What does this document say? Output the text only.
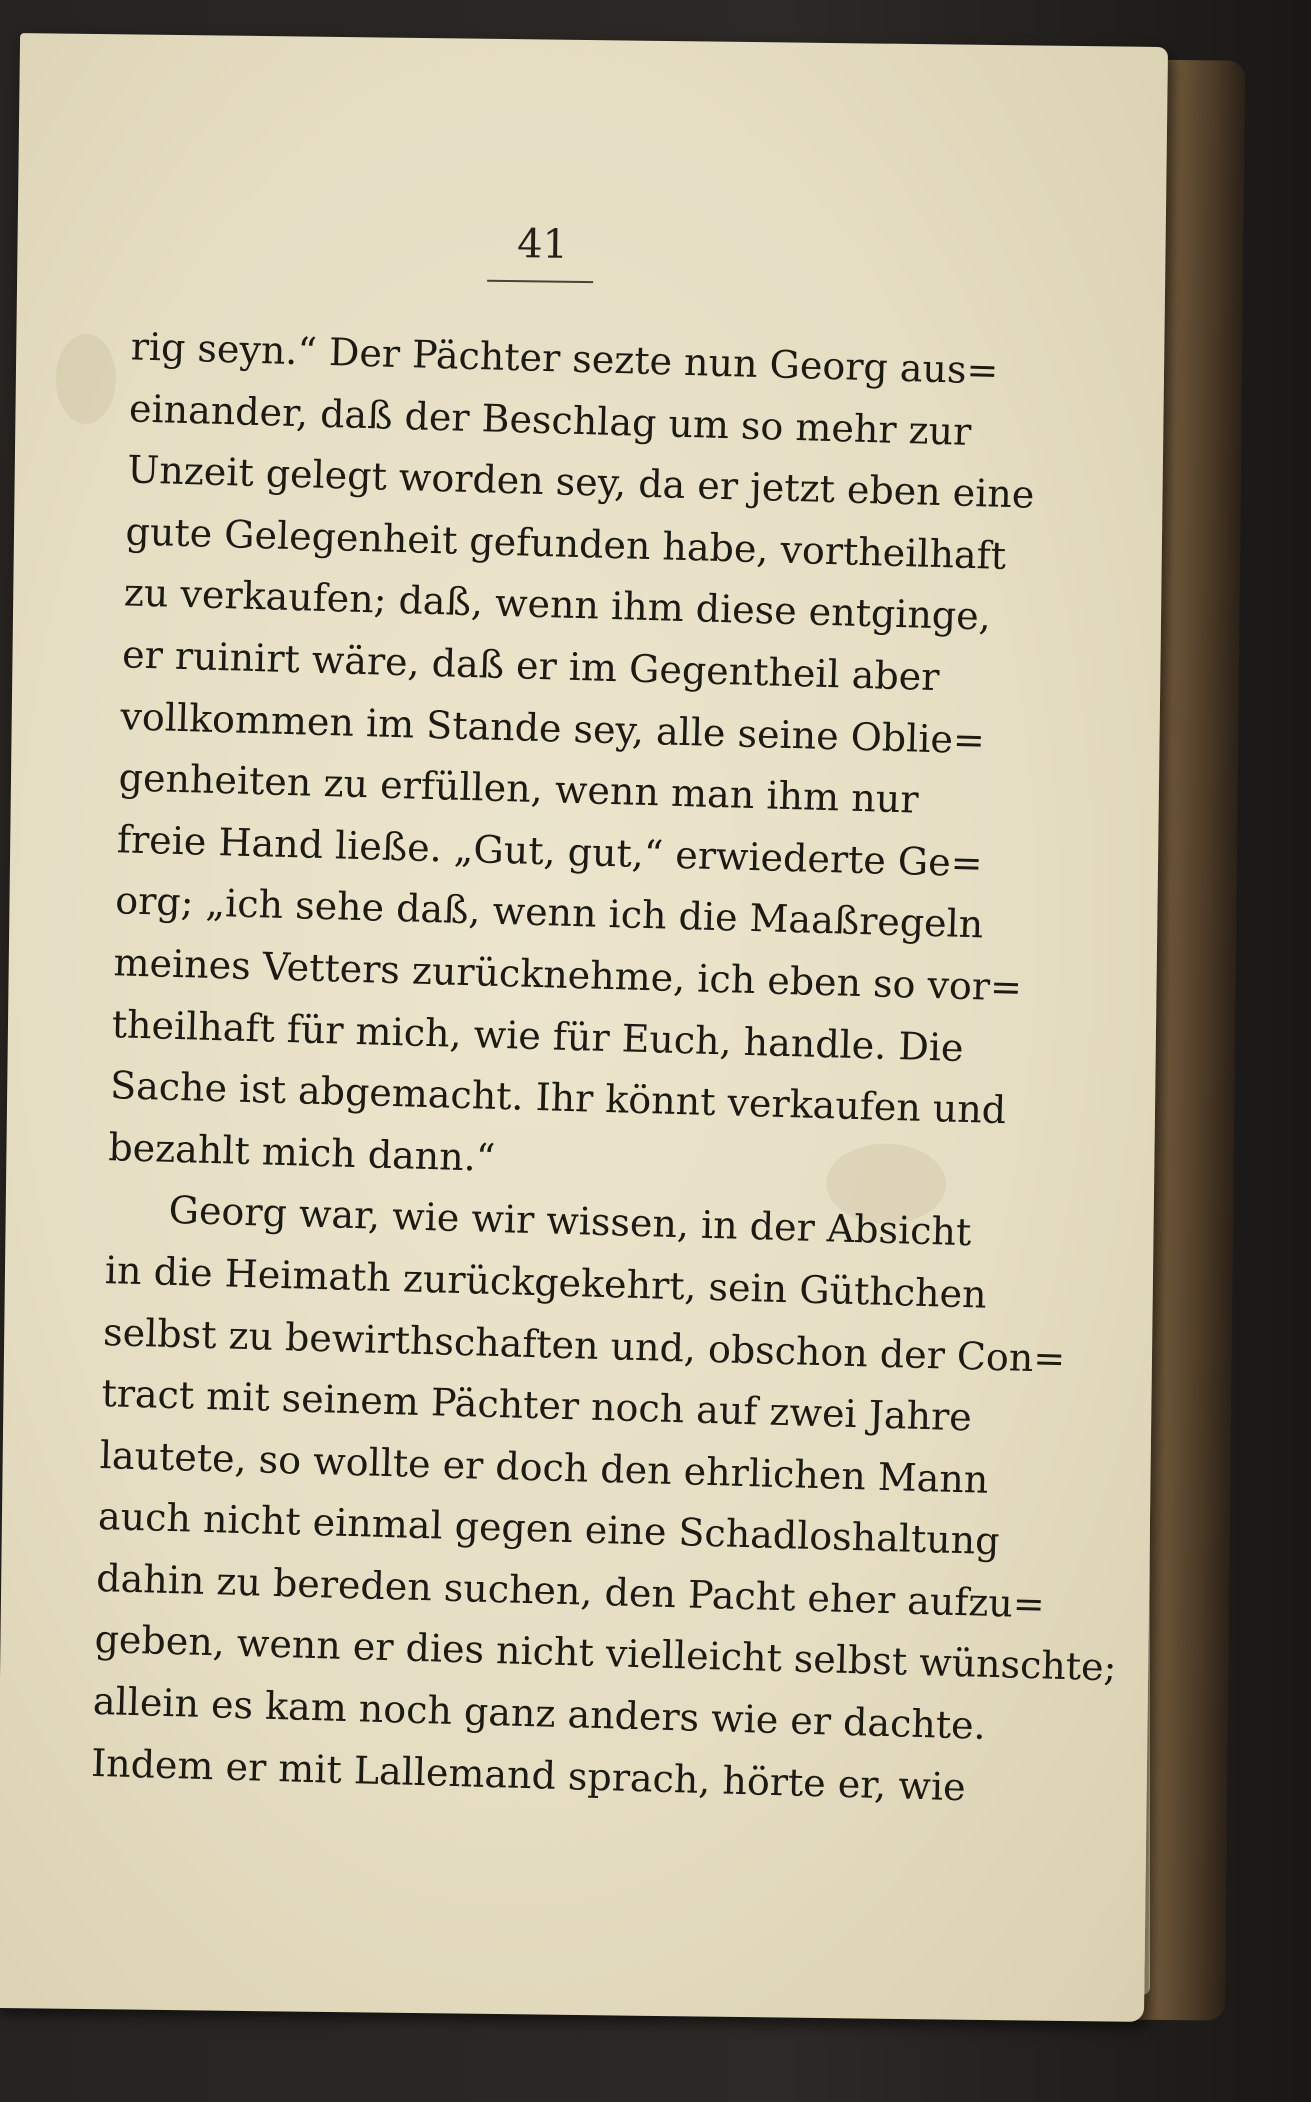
41
rig seyn.“ Der Pächter sezte nun Georg aus=
einander, daß der Beschlag um so mehr zur
Unzeit gelegt worden sey, da er jetzt eben eine
gute Gelegenheit gefunden habe, vortheilhaft
zu verkaufen; daß, wenn ihm diese entginge,
er ruinirt wäre, daß er im Gegentheil aber
vollkommen im Stande sey, alle seine Oblie=
genheiten zu erfüllen, wenn man ihm nur
freie Hand ließe. „Gut, gut,“ erwiederte Ge=
org; „ich sehe daß, wenn ich die Maaßregeln
meines Vetters zurücknehme, ich eben so vor=
theilhaft für mich, wie für Euch, handle. Die
Sache ist abgemacht. Ihr könnt verkaufen und
bezahlt mich dann.“
Georg war, wie wir wissen, in der Absicht
in die Heimath zurückgekehrt, sein Güthchen
selbst zu bewirthschaften und, obschon der Con=
tract mit seinem Pächter noch auf zwei Jahre
lautete, so wollte er doch den ehrlichen Mann
auch nicht einmal gegen eine Schadloshaltung
dahin zu bereden suchen, den Pacht eher aufzu=
geben, wenn er dies nicht vielleicht selbst wünschte;
allein es kam noch ganz anders wie er dachte.
Indem er mit Lallemand sprach, hörte er, wie
